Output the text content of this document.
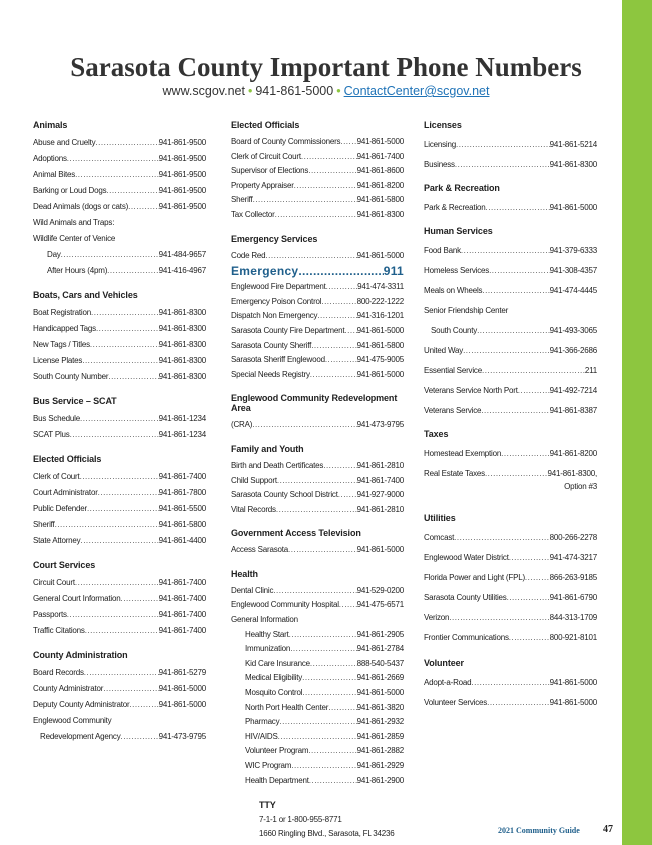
Sarasota County Important Phone Numbers
www.scgov.net • 941-861-5000 • ContactCenter@scgov.net
Animals
Abuse and Cruelty .....	941-861-9500
Adoptions .....	941-861-9500
Animal Bites .....	941-861-9500
Barking or Loud Dogs .....	941-861-9500
Dead Animals (dogs or cats) .....	941-861-9500
Wild Animals and Traps:
Wildlife Center of Venice
Day .....	941-484-9657
After Hours (4pm) .....	941-416-4967
Boats, Cars and Vehicles
Boat Registration .....	941-861-8300
Handicapped Tags .....	941-861-8300
New Tags / Titles .....	941-861-8300
License Plates .....	941-861-8300
South County Number .....	941-861-8300
Bus Service – SCAT
Bus Schedule .....	941-861-1234
SCAT Plus .....	941-861-1234
Elected Officials
Clerk of Court .....	941-861-7400
Court Administrator .....	941-861-7800
Public Defender .....	941-861-5500
Sheriff .....	941-861-5800
State Attorney .....	941-861-4400
Court Services
Circuit Court .....	941-861-7400
General Court Information .....	941-861-7400
Passports .....	941-861-7400
Traffic Citations .....	941-861-7400
County Administration
Board Records .....	941-861-5279
County Administrator .....	941-861-5000
Deputy County Administrator .....	941-861-5000
Englewood Community
Redevelopment Agency .....	941-473-9795
Elected Officials
Board of County Commissioners ..... 941-861-5000
Clerk of Circuit Court .....	941-861-7400
Supervisor of Elections .....	941-861-8600
Property Appraiser .....	941-861-8200
Sheriff .....	941-861-5800
Tax Collector .....	941-861-8300
Emergency Services
Code Red .....	941-861-5000
Emergency .....	911
Englewood Fire Department .....	941-474-3311
Emergency Poison Control .....	800-222-1222
Dispatch Non Emergency .....	941-316-1201
Sarasota County Fire Department ..... 941-861-5000
Sarasota County Sheriff .....	941-861-5800
Sarasota Sheriff Englewood .....	941-475-9005
Special Needs Registry .....	941-861-5000
Englewood Community Redevelopment Area
(CRA) .....	941-473-9795
Family and Youth
Birth and Death Certificates .....	941-861-2810
Child Support .....	941-861-7400
Sarasota County School District ..... 941-927-9000
Vital Records .....	941-861-2810
Government Access Television
Access Sarasota .....	941-861-5000
Health
Dental Clinic .....	941-529-0200
Englewood Community Hospital ..... 941-475-6571
General Information
Healthy Start .....	941-861-2905
Immunization .....	941-861-2784
Kid Care Insurance .....	888-540-5437
Medical Eligibility .....	941-861-2669
Mosquito Control .....	941-861-5000
North Port Health Center .....	941-861-3820
Pharmacy .....	941-861-2932
HIV/AIDS .....	941-861-2859
Volunteer Program .....	941-861-2882
WIC Program .....	941-861-2929
Health Department .....	941-861-2900
TTY
7-1-1 or 1-800-955-8771
1660 Ringling Blvd., Sarasota, FL 34236
Licenses
Licensing .....	941-861-5214
Business .....	941-861-8300
Park & Recreation
Park & Recreation .....	941-861-5000
Human Services
Food Bank .....	941-379-6333
Homeless Services .....	941-308-4357
Meals on Wheels .....	941-474-4445
Senior Friendship Center
South County .....	941-493-3065
United Way .....	941-366-2686
Essential Service .....	211
Veterans Service North Port .....	941-492-7214
Veterans Service .....	941-861-8387
Taxes
Homestead Exemption .....	941-861-8200
Real Estate Taxes .....	941-861-8300,
Option #3
Utilities
Comcast .....	800-266-2278
Englewood Water District .....	941-474-3217
Florida Power and Light (FPL) .....	866-263-9185
Sarasota County Utilities .....	941-861-6790
Verizon .....	844-313-1709
Frontier Communications .....	800-921-8101
Volunteer
Adopt-a-Road .....	941-861-5000
Volunteer Services .....	941-861-5000
2021 Community Guide 47
